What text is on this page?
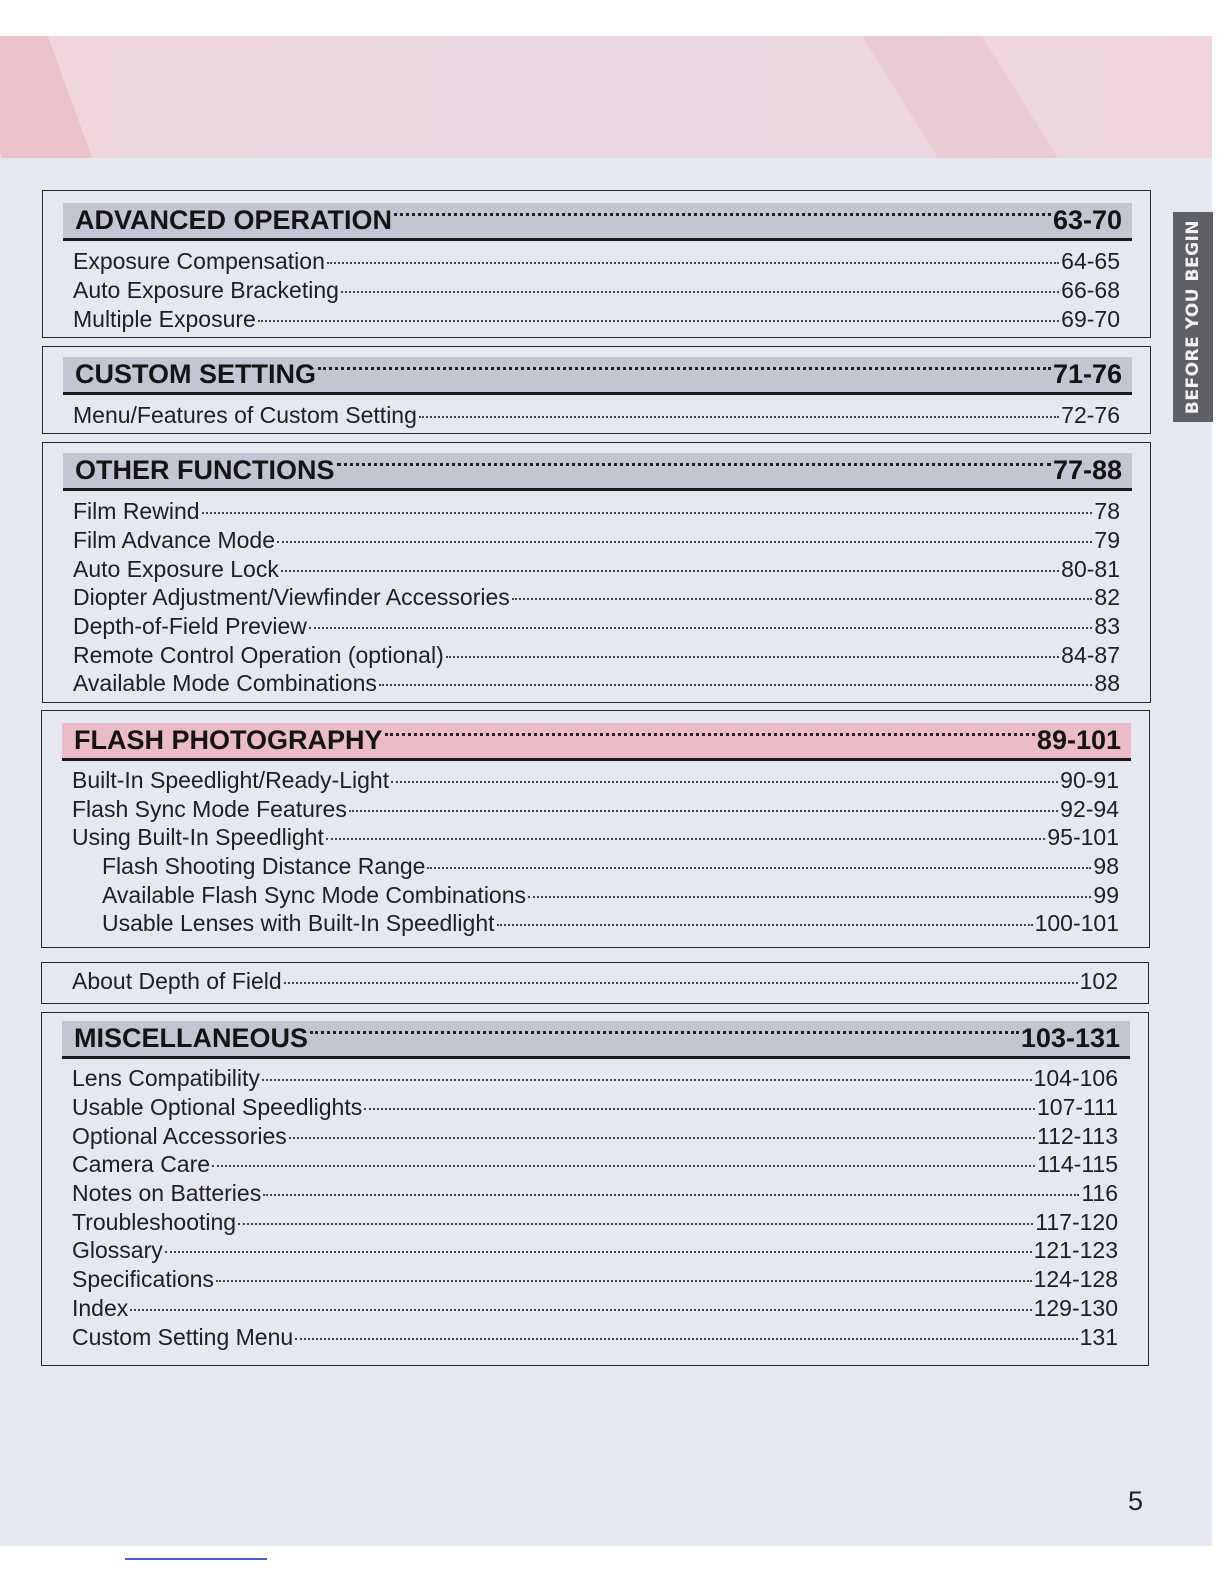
BEFORE YOU BEGIN
ADVANCED OPERATION	63-70
Exposure Compensation	64-65
Auto Exposure Bracketing	66-68
Multiple Exposure	69-70
CUSTOM SETTING	71-76
Menu/Features of Custom Setting	72-76
OTHER FUNCTIONS	77-88
Film Rewind	78
Film Advance Mode	79
Auto Exposure Lock	80-81
Diopter Adjustment/Viewfinder Accessories	82
Depth-of-Field Preview	83
Remote Control Operation (optional)	84-87
Available Mode Combinations	88
FLASH PHOTOGRAPHY	89-101
Built-In Speedlight/Ready-Light	90-91
Flash Sync Mode Features	92-94
Using Built-In Speedlight	95-101
Flash Shooting Distance Range	98
Available Flash Sync Mode Combinations	99
Usable Lenses with Built-In Speedlight	100-101
About Depth of Field	102
MISCELLANEOUS	103-131
Lens Compatibility	104-106
Usable Optional Speedlights	107-111
Optional Accessories	112-113
Camera Care	114-115
Notes on Batteries	116
Troubleshooting	117-120
Glossary	121-123
Specifications	124-128
Index	129-130
Custom Setting Menu	131
5
